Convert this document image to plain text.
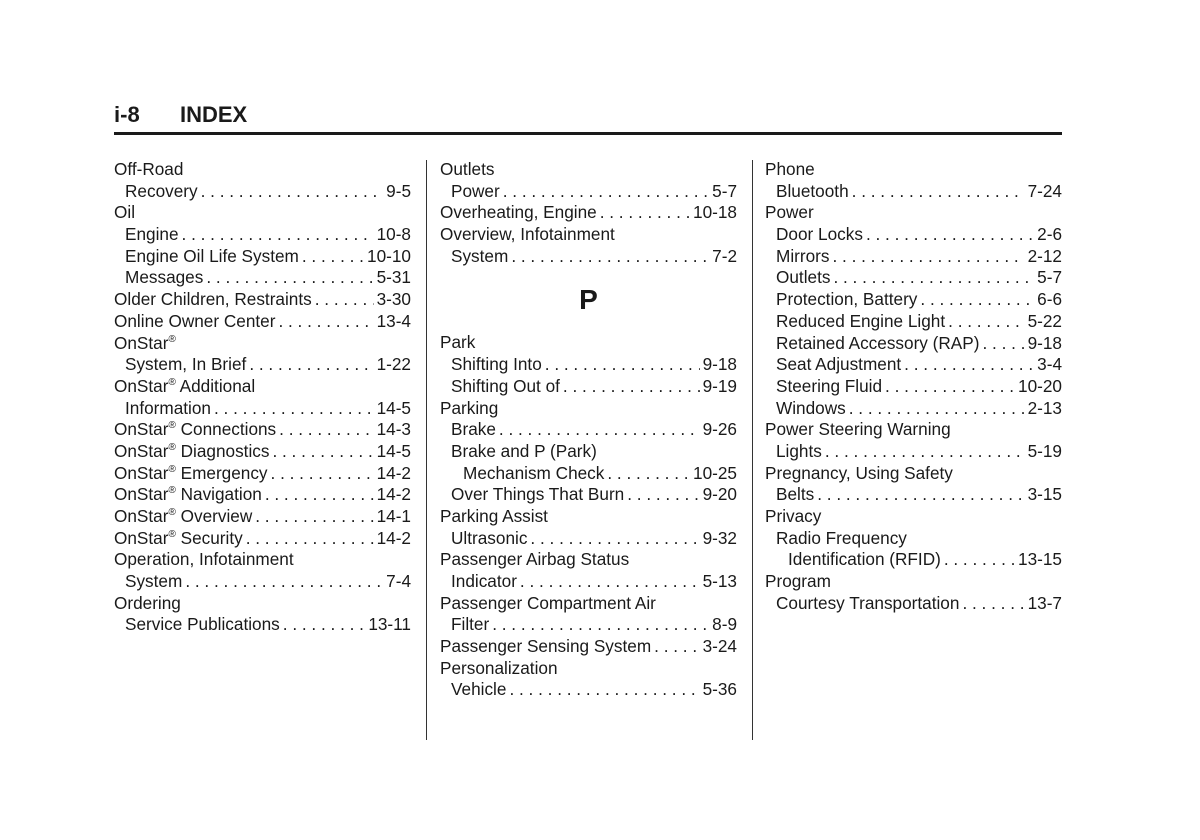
i-8 INDEX
Off-Road
Recovery . . .	9-5
Oil
Engine . . .	10-8
Engine Oil Life System . . .	10-10
Messages . . .	5-31
Older Children, Restraints . . .	3-30
Online Owner Center . . .	13-4
OnStar®
System, In Brief . . .	1-22
OnStar® Additional
Information . . .	14-5
OnStar® Connections . . .	14-3
OnStar® Diagnostics . . .	14-5
OnStar® Emergency . . .	14-2
OnStar® Navigation . . .	14-2
OnStar® Overview . . .	14-1
OnStar® Security . . .	14-2
Operation, Infotainment
System . . .	7-4
Ordering
Service Publications . . .	13-11
Outlets
Power . . .	5-7
Overheating, Engine . . .	10-18
Overview, Infotainment
System . . .	7-2
P
Park
Shifting Into . . .	9-18
Shifting Out of . . .	9-19
Parking
Brake . . .	9-26
Brake and P (Park)
Mechanism Check . . .	10-25
Over Things That Burn . . .	9-20
Parking Assist
Ultrasonic . . .	9-32
Passenger Airbag Status
Indicator . . .	5-13
Passenger Compartment Air
Filter . . .	8-9
Passenger Sensing System . . .	3-24
Personalization
Vehicle . . .	5-36
Phone
Bluetooth . . .	7-24
Power
Door Locks . . .	2-6
Mirrors . . .	2-12
Outlets . . .	5-7
Protection, Battery . . .	6-6
Reduced Engine Light . . .	5-22
Retained Accessory (RAP) . . .	9-18
Seat Adjustment . . .	3-4
Steering Fluid . . .	10-20
Windows . . .	2-13
Power Steering Warning
Lights . . .	5-19
Pregnancy, Using Safety
Belts . . .	3-15
Privacy
Radio Frequency
Identification (RFID) . . .	13-15
Program
Courtesy Transportation . . .	13-7
